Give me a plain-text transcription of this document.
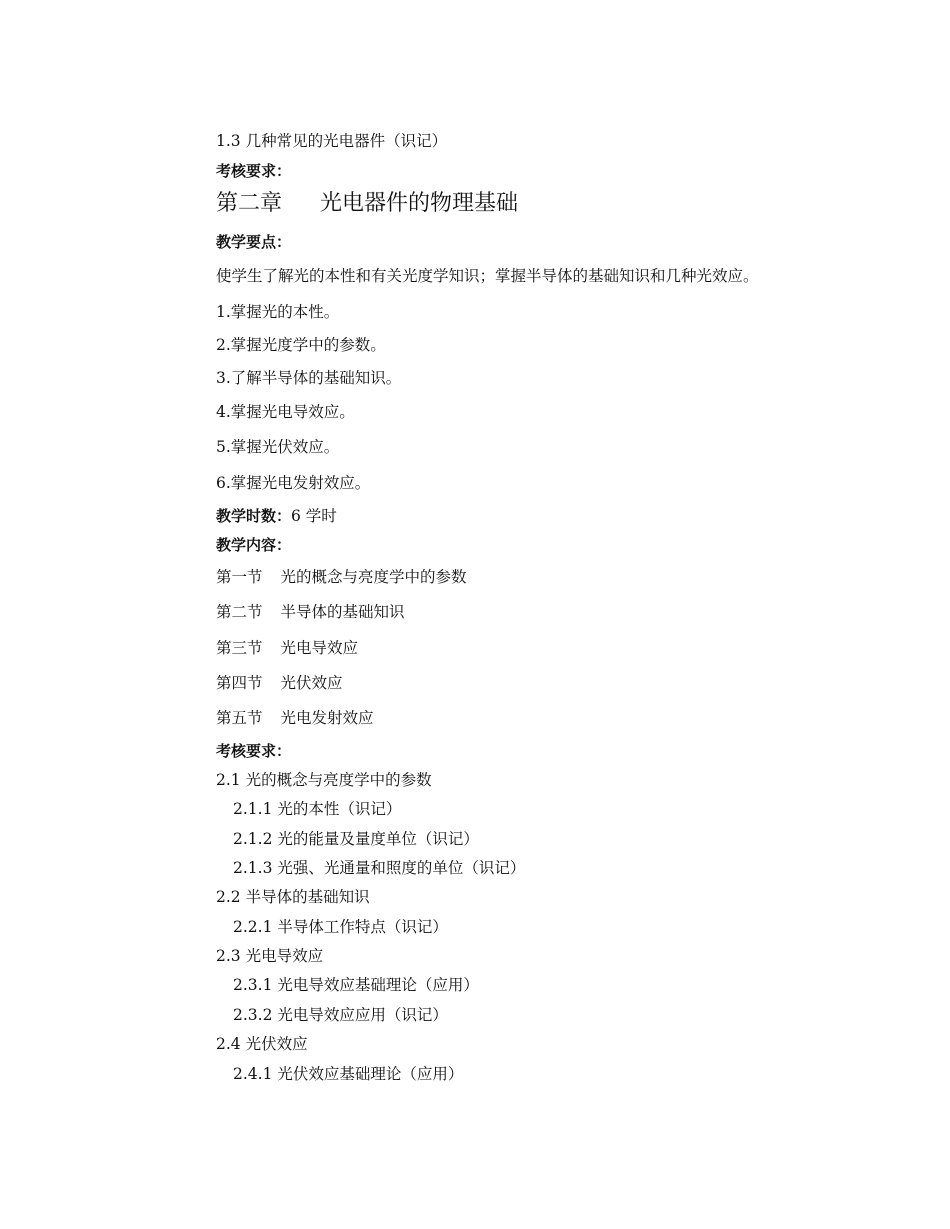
1.3 几种常见的光电器件（识记）
考核要求：
第二章 光电器件的物理基础
教学要点：
使学生了解光的本性和有关光度学知识；掌握半导体的基础知识和几种光效应。
1.掌握光的本性。
2.掌握光度学中的参数。
3.了解半导体的基础知识。
4.掌握光电导效应。
5.掌握光伏效应。
6.掌握光电发射效应。
教学时数：6 学时
教学内容：
第一节 光的概念与亮度学中的参数
第二节 半导体的基础知识
第三节 光电导效应
第四节 光伏效应
第五节 光电发射效应
考核要求：
2.1 光的概念与亮度学中的参数
2.1.1 光的本性（识记）
2.1.2 光的能量及量度单位（识记）
2.1.3 光强、光通量和照度的单位（识记）
2.2 半导体的基础知识
2.2.1 半导体工作特点（识记）
2.3 光电导效应
2.3.1 光电导效应基础理论（应用）
2.3.2 光电导效应应用（识记）
2.4 光伏效应
2.4.1 光伏效应基础理论（应用）
